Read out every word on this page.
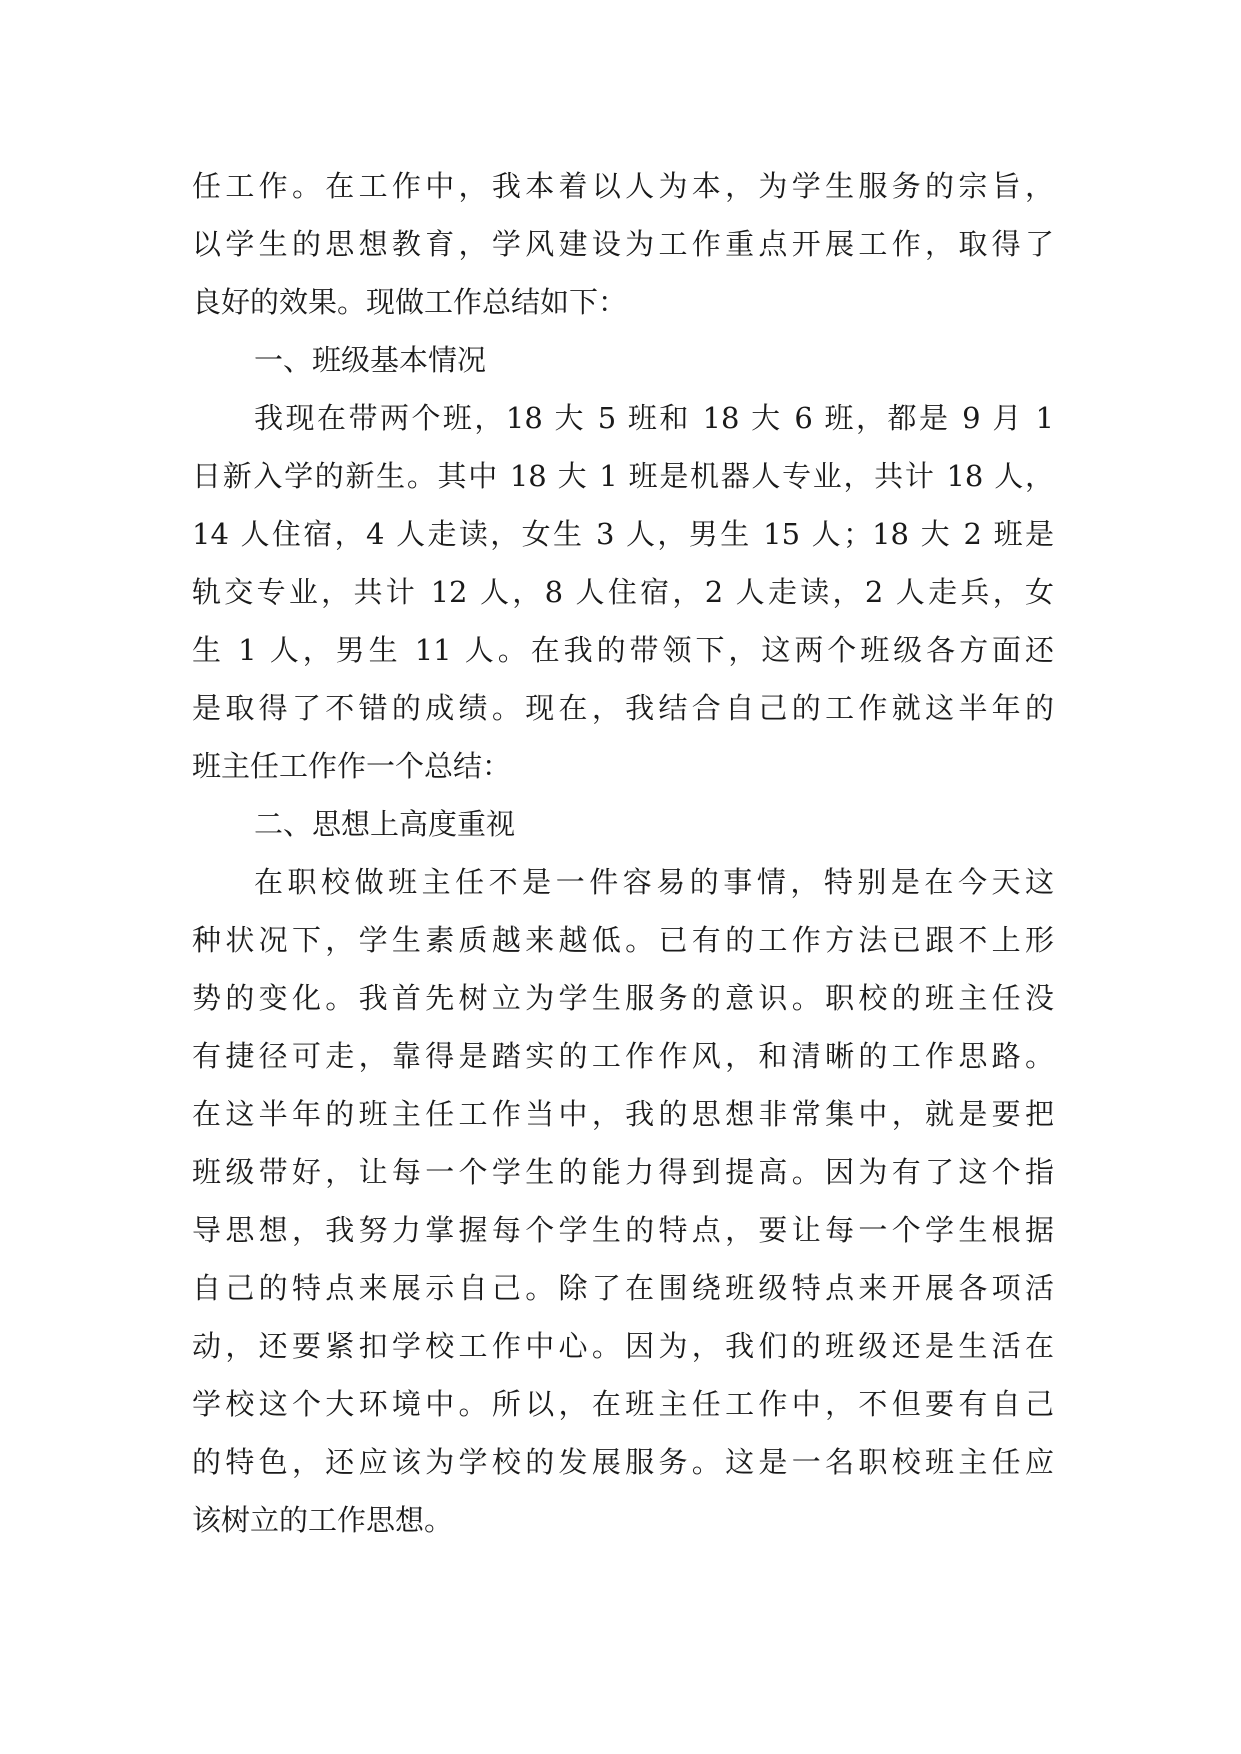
任工作。在工作中，我本着以人为本，为学生服务的宗旨，
以学生的思想教育，学风建设为工作重点开展工作，取得了
良好的效果。现做工作总结如下：
一、班级基本情况
我现在带两个班，18 大 5 班和 18 大 6 班，都是 9 月 1
日新入学的新生。其中 18 大 1 班是机器人专业，共计 18 人，
14 人住宿，4 人走读，女生 3 人，男生 15 人；18 大 2 班是
轨交专业，共计 12 人，8 人住宿，2 人走读，2 人走兵，女
生 1 人，男生 11 人。在我的带领下，这两个班级各方面还
是取得了不错的成绩。现在，我结合自己的工作就这半年的
班主任工作作一个总结：
二、思想上高度重视
在职校做班主任不是一件容易的事情，特别是在今天这
种状况下，学生素质越来越低。已有的工作方法已跟不上形
势的变化。我首先树立为学生服务的意识。职校的班主任没
有捷径可走，靠得是踏实的工作作风，和清晰的工作思路。
在这半年的班主任工作当中，我的思想非常集中，就是要把
班级带好，让每一个学生的能力得到提高。因为有了这个指
导思想，我努力掌握每个学生的特点，要让每一个学生根据
自己的特点来展示自己。除了在围绕班级特点来开展各项活
动，还要紧扣学校工作中心。因为，我们的班级还是生活在
学校这个大环境中。所以，在班主任工作中，不但要有自己
的特色，还应该为学校的发展服务。这是一名职校班主任应
该树立的工作思想。
